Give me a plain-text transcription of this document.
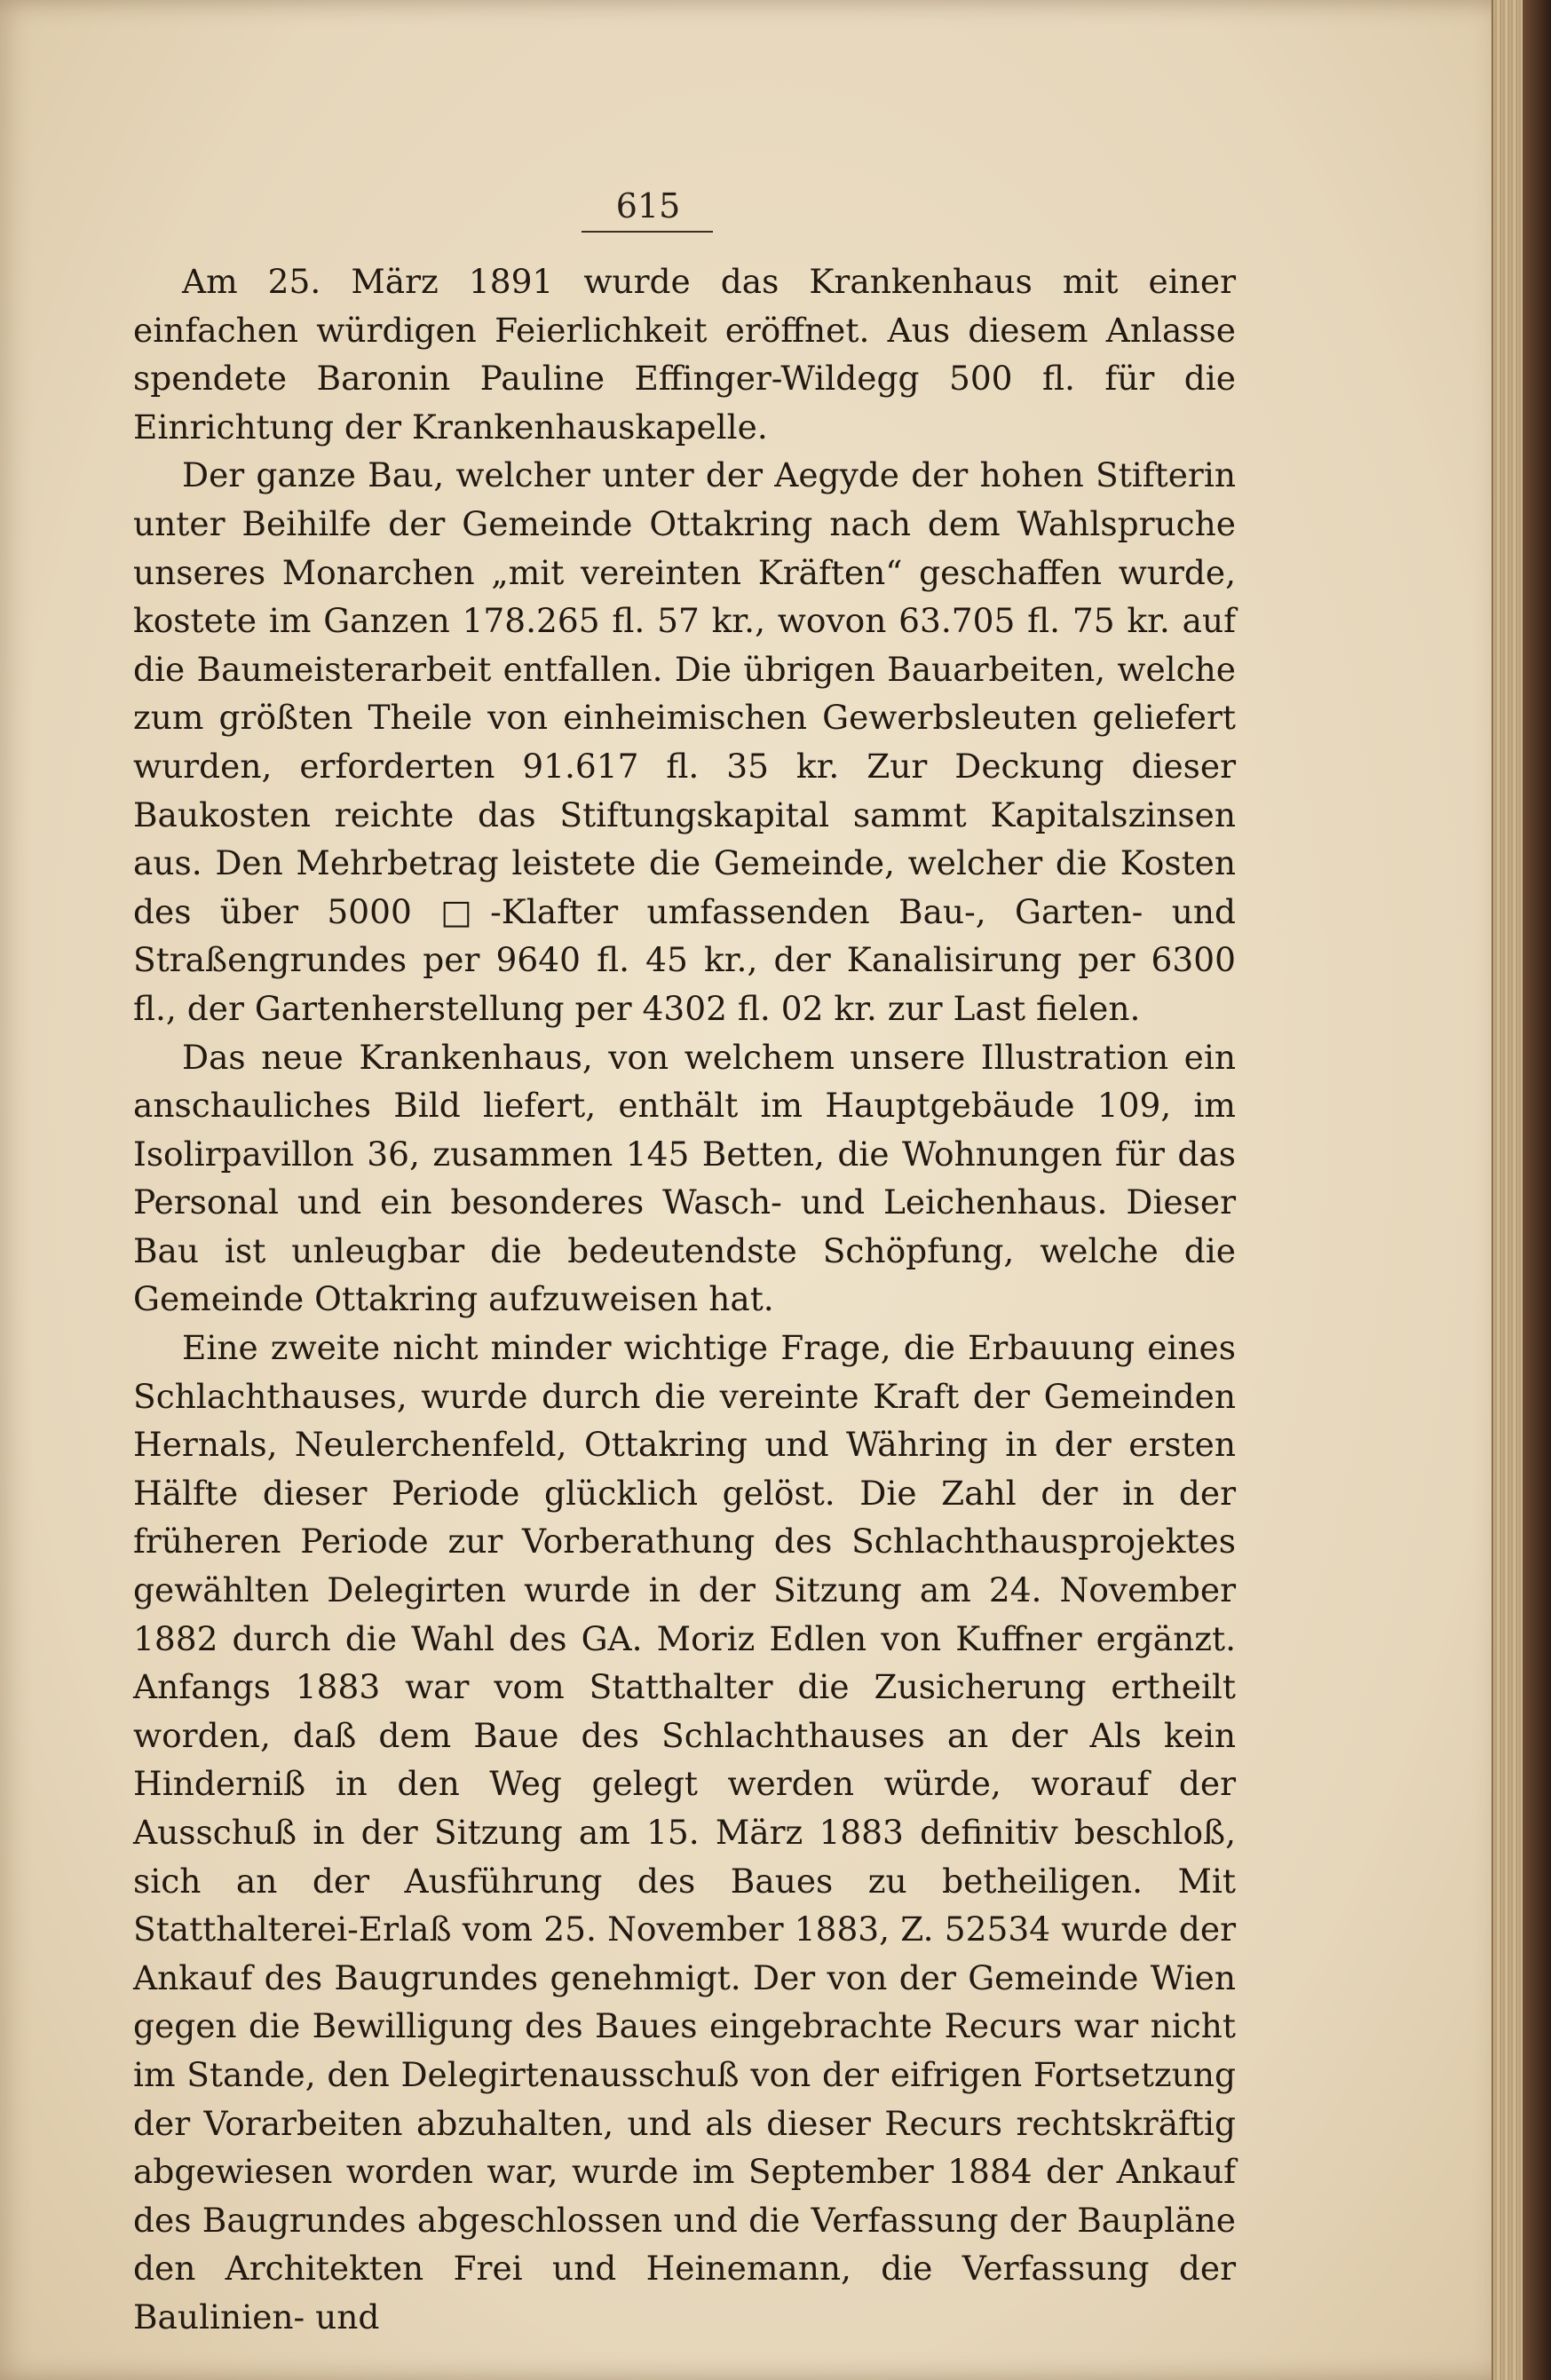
615

Am 25. März 1891 wurde das Krankenhaus mit einer einfachen würdigen Feierlichkeit eröffnet. Aus diesem Anlasse spendete Baronin Pauline Effinger-Wildegg 500 fl. für die Einrichtung der Krankenhauskapelle.

Der ganze Bau, welcher unter der Aegyde der hohen Stifterin unter Beihilfe der Gemeinde Ottakring nach dem Wahlspruche unseres Monarchen „mit vereinten Kräften“ geschaffen wurde, kostete im Ganzen 178.265 fl. 57 kr., wovon 63.705 fl. 75 kr. auf die Baumeisterarbeit entfallen. Die übrigen Bauarbeiten, welche zum größten Theile von einheimischen Gewerbsleuten geliefert wurden, erforderten 91.617 fl. 35 kr. Zur Deckung dieser Baukosten reichte das Stiftungskapital sammt Kapitalszinsen aus. Den Mehrbetrag leistete die Gemeinde, welcher die Kosten des über 5000 □-Klafter umfassenden Bau-, Garten- und Straßengrundes per 9640 fl. 45 kr., der Kanalisirung per 6300 fl., der Gartenherstellung per 4302 fl. 02 kr. zur Last fielen.

Das neue Krankenhaus, von welchem unsere Illustration ein anschauliches Bild liefert, enthält im Hauptgebäude 109, im Isolirpavillon 36, zusammen 145 Betten, die Wohnungen für das Personal und ein besonderes Wasch- und Leichenhaus. Dieser Bau ist unleugbar die bedeutendste Schöpfung, welche die Gemeinde Ottakring aufzuweisen hat.

Eine zweite nicht minder wichtige Frage, die Erbauung eines Schlachthauses, wurde durch die vereinte Kraft der Gemeinden Hernals, Neulerchenfeld, Ottakring und Währing in der ersten Hälfte dieser Periode glücklich gelöst. Die Zahl der in der früheren Periode zur Vorberathung des Schlachthausprojektes gewählten Delegirten wurde in der Sitzung am 24. November 1882 durch die Wahl des GA. Moriz Edlen von Kuffner ergänzt. Anfangs 1883 war vom Statthalter die Zusicherung ertheilt worden, daß dem Baue des Schlachthauses an der Als kein Hinderniß in den Weg gelegt werden würde, worauf der Ausschuß in der Sitzung am 15. März 1883 definitiv beschloß, sich an der Ausführung des Baues zu betheiligen. Mit Statthalterei-Erlaß vom 25. November 1883, Z. 52534 wurde der Ankauf des Baugrundes genehmigt. Der von der Gemeinde Wien gegen die Bewilligung des Baues eingebrachte Recurs war nicht im Stande, den Delegirtenausschuß von der eifrigen Fortsetzung der Vorarbeiten abzuhalten, und als dieser Recurs rechtskräftig abgewiesen worden war, wurde im September 1884 der Ankauf des Baugrundes abgeschlossen und die Verfassung der Baupläne den Architekten Frei und Heinemann, die Verfassung der Baulinien- und
